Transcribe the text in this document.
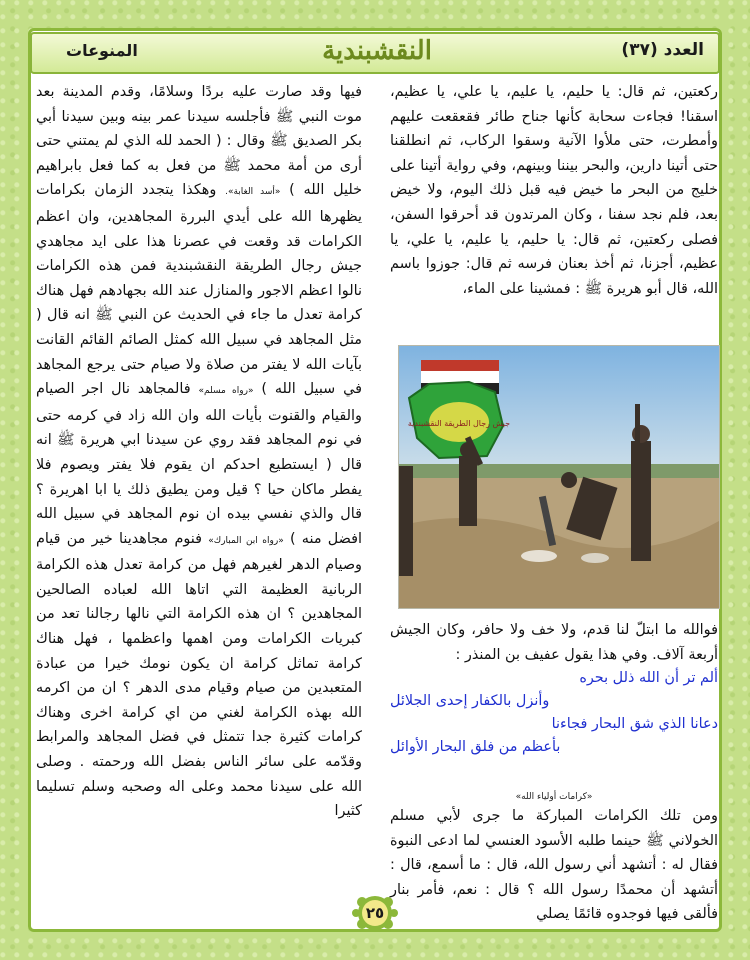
العدد (٣٧)
النقشبندية
المنوعات

فيها وقد صارت عليه بردًا وسلامًا، وقدم المدينة بعد موت النبي ﷺ فأجلسه سيدنا عمر بينه وبين سيدنا أبي بكر الصديق ﷺ وقال : ( الحمد لله الذي لم يمتني حتى أرى من أمة محمد ﷺ من فعل به كما فعل بابراهيم خليل الله ) «أسد الغابة». وهكذا يتجدد الزمان بكرامات يظهرها الله على أيدي البررة المجاهدين، وان اعظم الكرامات قد وقعت في عصرنا هذا على ايد مجاهدي جيش رجال الطريقة النقشبندية فمن هذه الكرامات نالوا اعظم الاجور والمنازل عند الله بجهادهم فهل هناك كرامة تعدل ما جاء في الحديث عن النبي ﷺ انه قال ( مثل المجاهد في سبيل الله كمثل الصائم القائم القانت بآيات الله لا يفتر من صلاة ولا صيام حتى يرجع المجاهد في سبيل الله ) «رواه مسلم» فالمجاهد نال اجر الصيام والقيام والقنوت بأيات الله وان الله زاد في كرمه حتى في نوم المجاهد فقد روي عن سيدنا ابي هريرة ﷺ انه قال ( ايستطيع احدكم ان يقوم فلا يفتر ويصوم فلا يفطر ماكان حيا ؟ قيل ومن يطيق ذلك يا ابا اهريرة ؟ قال والذي نفسي بيده ان نوم المجاهد في سبيل الله افضل منه ) «رواه ابن المبارك» فنوم مجاهدينا خير من قيام وصيام الدهر لغيرهم فهل من كرامة تعدل هذه الكرامة الربانية العظيمة التي اتاها الله لعباده الصالحين المجاهدين ؟ ان هذه الكرامة التي نالها رجالنا تعد من كبريات الكرامات ومن اهمها واعظمها ، فهل هناك كرامة تماثل كرامة ان يكون نومك خيرا من عبادة المتعبدين من صيام وقيام مدى الدهر ؟ ان من اكرمه الله بهذه الكرامة لغني من اي كرامة اخرى وهناك كرامات كثيرة جدا تتمثل في فضل المجاهد والمرابط وقدّمه على سائر الناس بفضل الله ورحمته . وصلى الله على سيدنا محمد وعلى اله وصحبه وسلم تسليما كثيرا

ركعتين، ثم قال: يا حليم، يا عليم، يا علي، يا عظيم، اسقنا! فجاءت سحابة كأنها جناح طائر فقعقعت عليهم وأمطرت، حتى ملأوا الآنية وسقوا الركاب، ثم انطلقنا حتى أتينا دارين، والبحر بيننا وبينهم، وفي رواية أتينا على خليج من البحر ما خيض فيه قبل ذلك اليوم، ولا خيض بعد، فلم نجد سفنا ، وكان المرتدون قد أحرقوا السفن، فصلى ركعتين، ثم قال: يا حليم، يا عليم، يا علي، يا عظيم، أجزنا، ثم أخذ بعنان فرسه ثم قال: جوزوا باسم الله، قال أبو هريرة ﷺ : فمشينا على الماء،

جيش رجال الطريقة النقشبندية

فوالله ما ابتلّ لنا قدم، ولا خف ولا حافر، وكان الجيش أربعة آلاف. وفي هذا يقول عفيف بن المنذر :

ألم تر أن الله ذلل بحره
وأنزل بالكفار إحدى الجلائل
دعانا الذي شق البحار فجاءنا
بأعظم من فلق البحار الأوائل
«كرامات أولياء الله»

ومن تلك الكرامات المباركة ما جرى لأبي مسلم الخولاني ﷺ حينما طلبه الأسود العنسي لما ادعى النبوة فقال له : أتشهد أني رسول الله، قال : ما أسمع، قال : أتشهد أن محمدًا رسول الله ؟ قال : نعم، فأمر بنار فألقى فيها فوجدوه قائمًا يصلي

٢٥
